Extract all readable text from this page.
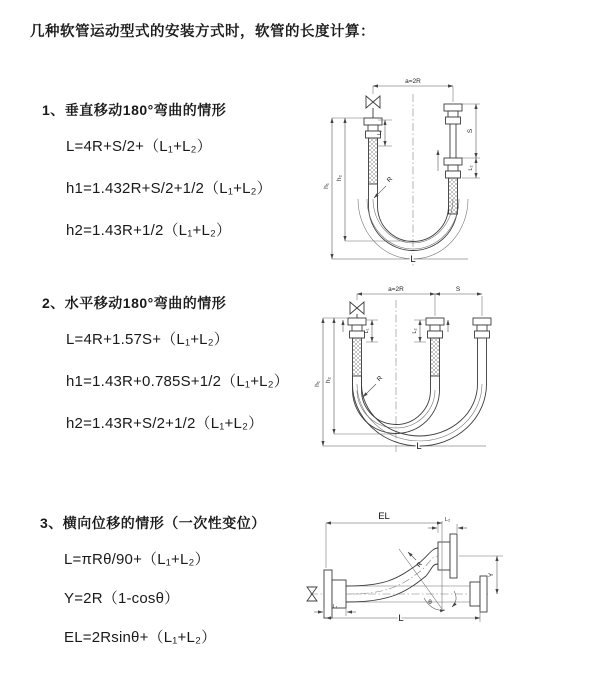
几种软管运动型式的安装方式时，软管的长度计算：
1、垂直移动180°弯曲的情形
L=4R+S/2+（L₁+L₂）
h1=1.432R+S/2+1/2（L₁+L₂）
h2=1.43R+1/2（L₁+L₂）
a=2R
h₁
h₂
L₁	S
L₂
R
L
2、水平移动180°弯曲的情形
L=4R+1.57S+（L₁+L₂）
h1=1.43R+0.785S+1/2（L₁+L₂）
h2=1.43R+S/2+1/2（L₁+L₂）
a=2R	S
h₁
h₂
L₁	L₂
R
L
3、横向位移的情形（一次性变位）
L=πRθ/90+（L₁+L₂）
Y=2R（1-cosθ）
EL=2Rsinθ+（L₁+L₂）
EL	L₂
Y
θ
R
L
L₁
